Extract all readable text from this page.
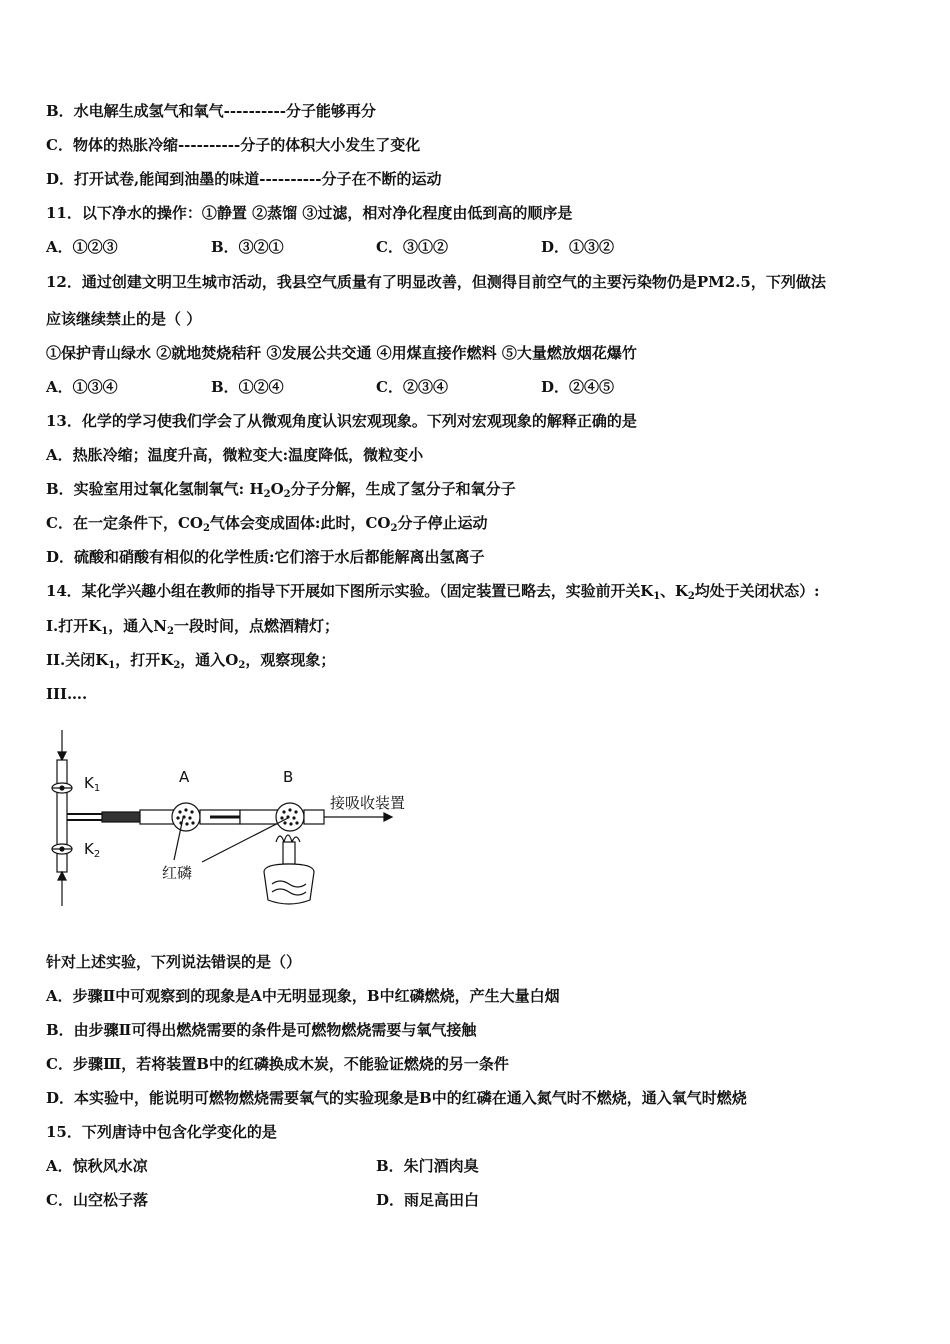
B．水电解生成氢气和氧气----------分子能够再分
C．物体的热胀冷缩----------分子的体积大小发生了变化
D．打开试卷,能闻到油墨的味道----------分子在不断的运动
11．以下净水的操作：①静置 ②蒸馏 ③过滤，相对净化程度由低到高的顺序是
A．①②③	B．③②①	C．③①②	D．①③②
12．通过创建文明卫生城市活动，我县空气质量有了明显改善，但测得目前空气的主要污染物仍是PM2.5，下列做法
应该继续禁止的是（ ）
①保护青山绿水 ②就地焚烧秸秆 ③发展公共交通 ④用煤直接作燃料 ⑤大量燃放烟花爆竹
A．①③④	B．①②④	C．②③④	D．②④⑤
13．化学的学习使我们学会了从微观角度认识宏观现象。下列对宏观现象的解释正确的是
A．热胀冷缩；温度升高，微粒变大:温度降低，微粒变小
B．实验室用过氧化氢制氧气: $H_2O_2$分子分解，生成了氢分子和氧分子
C．在一定条件下，$CO_2$气体会变成固体:此时，$CO_2$分子停止运动
D．硫酸和硝酸有相似的化学性质:它们溶于水后都能解离出氢离子
14．某化学兴趣小组在教师的指导下开展如下图所示实验。（固定装置已略去，实验前开关$K_1$、$K_2$均处于关闭状态）:
I.打开$K_1$，通入$N_2$一段时间，点燃酒精灯；
II.关闭$K_1$，打开$K_2$，通入$O_2$，观察现象；
III….
$K_1$
$K_2$
A	B
接吸收装置
红磷
针对上述实验，下列说法错误的是（）
A．步骤Ⅱ中可观察到的现象是A中无明显现象，B中红磷燃烧，产生大量白烟
B．由步骤Ⅱ可得出燃烧需要的条件是可燃物燃烧需要与氧气接触
C．步骤Ⅲ，若将装置B中的红磷换成木炭，不能验证燃烧的另一条件
D．本实验中，能说明可燃物燃烧需要氧气的实验现象是B中的红磷在通入氮气时不燃烧，通入氧气时燃烧
15．下列唐诗中包含化学变化的是
A．惊秋风水凉	B．朱门酒肉臭
C．山空松子落	D．雨足高田白
